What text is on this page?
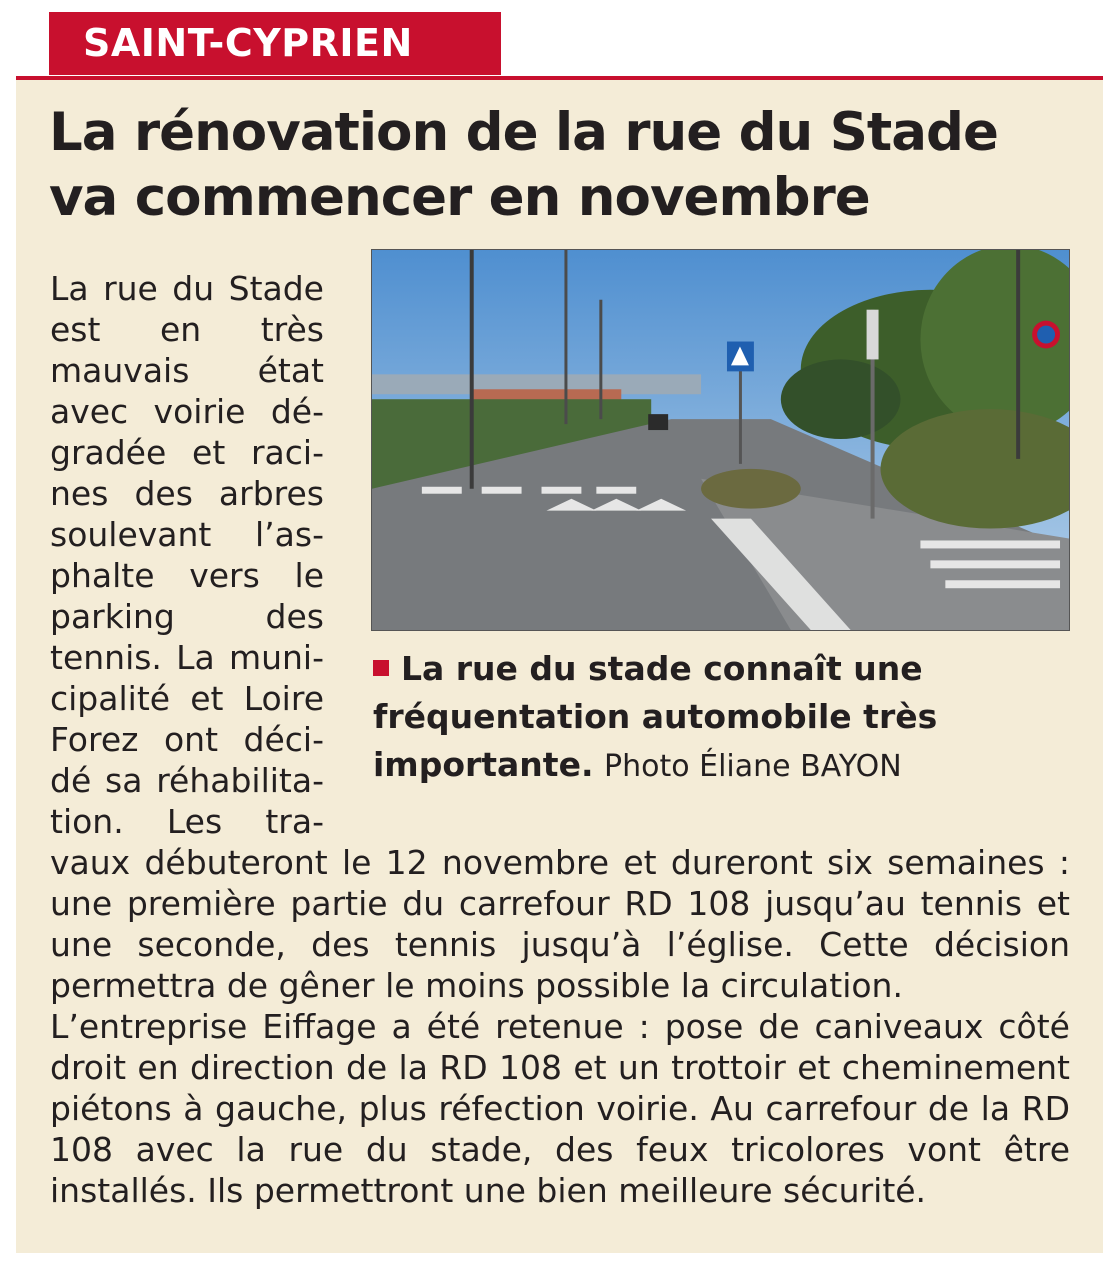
SAINT-CYPRIEN
La rénovation de la rue du Stade
va commencer en novembre
La rue du stade connaît une
fréquentation automobile très
importante. Photo Éliane BAYON
La rue du Stade
est en très
mauvais état
avec voirie dé-
gradée et raci-
nes des arbres
soulevant l’as-
phalte vers le
parking des
tennis. La muni-
cipalité et Loire
Forez ont déci-
dé sa réhabilita-
tion. Les tra-
vaux débuteront le 12 novembre et dureront six semaines :
une première partie du carrefour RD 108 jusqu’au tennis et
une seconde, des tennis jusqu’à l’église. Cette décision
permettra de gêner le moins possible la circulation.
L’entreprise Eiffage a été retenue : pose de caniveaux côté
droit en direction de la RD 108 et un trottoir et cheminement
piétons à gauche, plus réfection voirie. Au carrefour de la RD
108 avec la rue du stade, des feux tricolores vont être
installés. Ils permettront une bien meilleure sécurité.
